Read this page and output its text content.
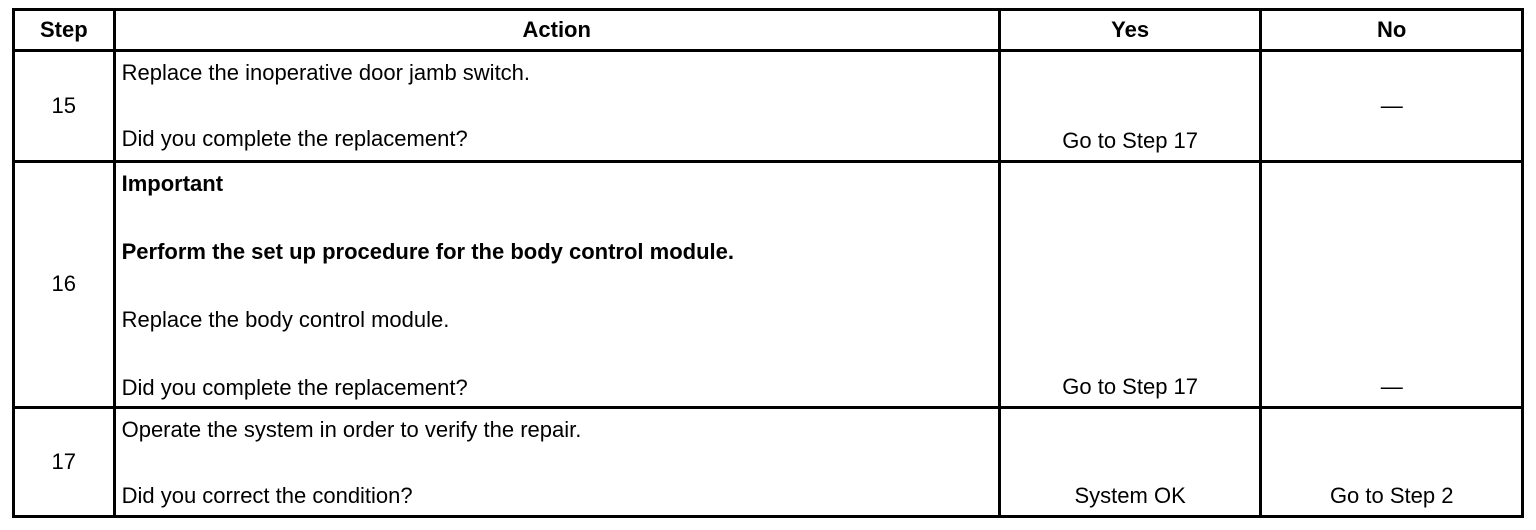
Step	Action	Yes	No
15	Replace the inoperative door jamb switch.
Did you complete the replacement?	Go to Step 17	—
16	Important
Perform the set up procedure for the body control module.
Replace the body control module.
Did you complete the replacement?	Go to Step 17	—
17	Operate the system in order to verify the repair.
Did you correct the condition?	System OK	Go to Step 2
